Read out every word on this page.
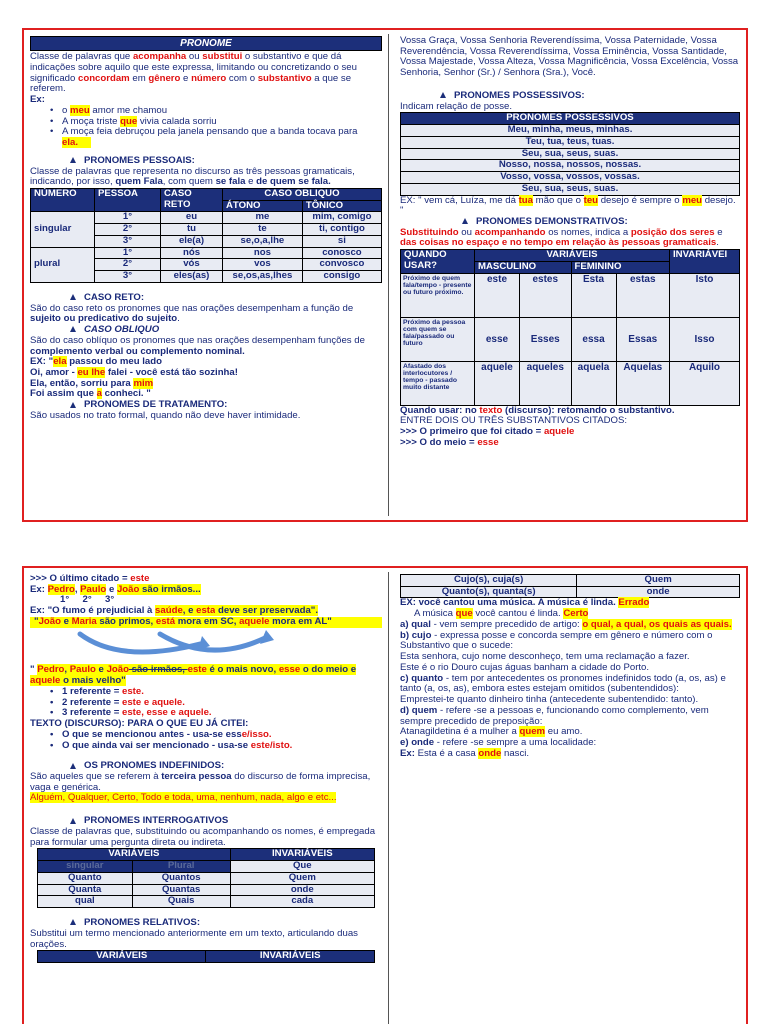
PRONOME

Classe de palavras que acompanha ou substitui o substantivo e que dá indicações sobre aquilo que este expressa, limitando ou concretizando o seu significado concordam em gênero e número com o substantivo a que se referem.

Ex:

• o meu amor me chamou
• A moça triste que vivia calada sorriu
• A moça feia debruçou pela janela pensando que a banda tocava para ela.
PRONOMES PESSOAIS:

Classe de palavras que representa no discurso as três pessoas gramaticais, indicando, por isso, quem Fala, com quem se fala e de quem se fala.

NÚMERO	PESSOA	CASO RETO	CASO OBLIQUO	
			ÁTONO	TÔNICO
singular	1°	eu	me	mim, comigo
	2°	tu	te	ti, contigo
	3°	ele(a)	se,o,a,lhe	si
plural	1°	nós	nos	conosco
	2°	vós	vos	convosco
	3°	eles(as)	se,os,as,lhes	consigo
CASO RETO:

São do caso reto os pronomes que nas orações desempenham a função de sujeito ou predicativo do sujeito.

CASO OBLIQUO

São do caso oblíquo os pronomes que nas orações desempenham funções de complemento verbal ou complemento nominal.

EX: "ela passou do meu lado

Oi, amor - eu lhe falei - você está tão sozinha!

Ela, então, sorriu para mim

Foi assim que a conheci. "

PRONOMES DE TRATAMENTO:

São usados no trato formal, quando não deve haver intimidade.

Vossa Graça, Vossa Senhoria Reverendíssima, Vossa Paternidade, Vossa Reverendência, Vossa Reverendíssima, Vossa Eminência, Vossa Santidade, Vossa Majestade, Vossa Alteza, Vossa Magnificência, Vossa Excelência, Vossa Senhoria, Senhor (Sr.) / Senhora (Sra.), Você.

PRONOMES POSSESSIVOS:

Indicam relação de posse.

PRONOMES POSSESSIVOS
Meu, minha, meus, minhas.
Teu, tua, teus, tuas.
Seu, sua, seus, suas.
Nosso, nossa, nossos, nossas.
Vosso, vossa, vossos, vossas.
Seu, sua, seus, suas.

EX: " vem cá, Luíza, me dá tua mão que o teu desejo é sempre o meu desejo. "

PRONOMES DEMONSTRATIVOS:

Substituindo ou acompanhando os nomes, indica a posição dos seres e das coisas no espaço e no tempo em relação às pessoas gramaticais.

QUANDO USAR?	VARIÁVEIS				INVARIÁVEI
	MASCULINO		FEMININO		
Próximo de quem fala/tempo - presente ou futuro próximo.	este	estes	Esta	estas	Isto
Próximo da pessoa com quem se fala/passado ou futuro	esse	Esses	essa	Essas	Isso
Afastado dos interlocutores / tempo - passado muito distante	aquele	aqueles	aquela	Aquelas	Aquilo

Quando usar: no texto (discurso): retomando o substantivo.

ENTRE DOIS OU TRÊS SUBSTANTIVOS CITADOS:

>>> O primeiro que foi citado = aquele

>>> O do meio = esse

>>> O último citado = este

Ex: Pedro, Paulo e João são irmãos...

1° 2° 3°

Ex: "O fumo é prejudicial à saúde, e esta deve ser preservada".

"João e Maria são primos, está mora em SC, aquele mora em AL"

" Pedro, Paulo e João são irmãos, este é o mais novo, esse o do meio e aquele o mais velho"

• 1 referente = este.
• 2 referente = este e aquele.
• 3 referente = este, esse e aquele.

TEXTO (DISCURSO): PARA O QUE EU JÁ CITEI:

• O que se mencionou antes - usa-se esse/isso.
• O que ainda vai ser mencionado - usa-se este/isto.
OS PRONOMES INDEFINIDOS:

São aqueles que se referem à terceira pessoa do discurso de forma imprecisa, vaga e genérica.

Alguém, Qualquer, Certo, Todo e toda, uma, nenhum, nada, algo e etc...

PRONOMES INTERROGATIVOS

Classe de palavras que, substituindo ou acompanhando os nomes, é empregada para formular uma pergunta direta ou indireta.

VARIÁVEIS		INVARIÁVEIS
singular	Plural	Que
Quanto	Quantos	Quem
Quanta	Quantas	onde
qual	Quais	cada
PRONOMES RELATIVOS:

Substitui um termo mencionado anteriormente em um texto, articulando duas orações.

VARIÁVEIS	INVARIÁVEIS
Cujo(s), cuja(s)	Quem
Quanto(s), quanta(s)	onde

EX: você cantou uma música. A música é linda. Errado

A música que você cantou é linda. Certo

a) qual - vem sempre precedido de artigo: o qual, a qual, os quais as quais.

b) cujo - expressa posse e concorda sempre em gênero e número com o Substantivo que o sucede:

Esta senhora, cujo nome desconheço, tem uma reclamação a fazer.

Este é o rio Douro cujas águas banham a cidade do Porto.

c) quanto - tem por antecedentes os pronomes indefinidos todo (a, os, as) e tanto (a, os, as), embora estes estejam omitidos (subentendidos):

Emprestei-te quanto dinheiro tinha (antecedente subentendido: tanto).

d) quem - refere -se a pessoas e, funcionando como complemento, vem sempre precedido de preposição:

Atanagildetina é a mulher a quem eu amo.

e) onde - refere -se sempre a uma localidade:

Ex: Esta é a casa onde nasci.
